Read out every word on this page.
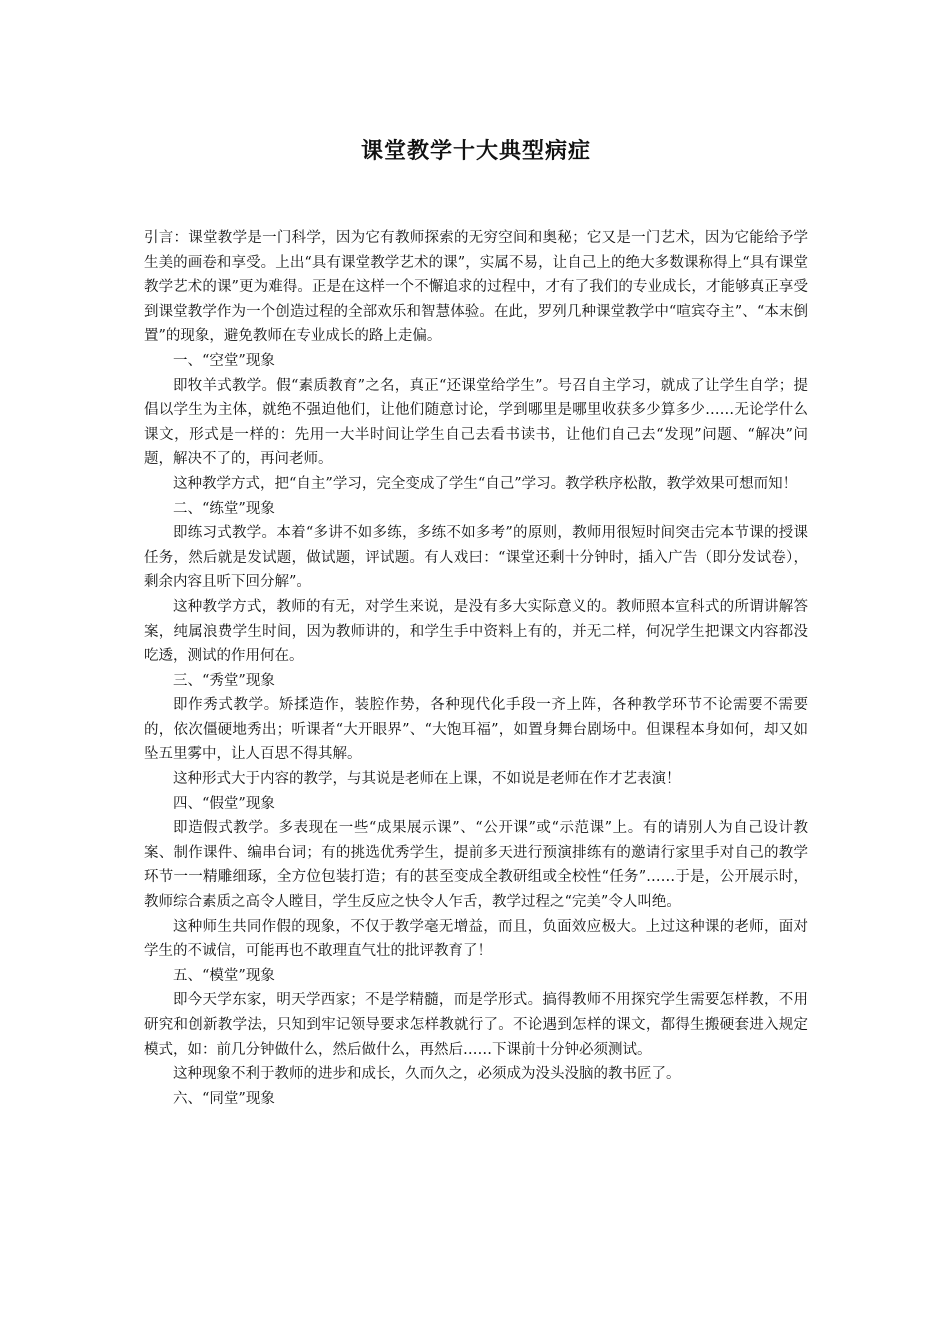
课堂教学十大典型病症

引言：课堂教学是一门科学，因为它有教师探索的无穷空间和奥秘；它又是一门艺术，因为它能给予学生美的画卷和享受。上出“具有课堂教学艺术的课”，实属不易，让自己上的绝大多数课称得上“具有课堂教学艺术的课”更为难得。正是在这样一个不懈追求的过程中，才有了我们的专业成长，才能够真正享受到课堂教学作为一个创造过程的全部欢乐和智慧体验。在此，罗列几种课堂教学中“喧宾夺主”、“本末倒置”的现象，避免教师在专业成长的路上走偏。

一、“空堂”现象

即牧羊式教学。假“素质教育”之名，真正“还课堂给学生”。号召自主学习，就成了让学生自学；提倡以学生为主体，就绝不强迫他们，让他们随意讨论，学到哪里是哪里收获多少算多少……无论学什么课文，形式是一样的：先用一大半时间让学生自己去看书读书，让他们自己去“发现”问题、“解决”问题，解决不了的，再问老师。

这种教学方式，把“自主”学习，完全变成了学生“自己”学习。教学秩序松散，教学效果可想而知！

二、“练堂”现象

即练习式教学。本着“多讲不如多练，多练不如多考”的原则，教师用很短时间突击完本节课的授课任务，然后就是发试题，做试题，评试题。有人戏曰：“课堂还剩十分钟时，插入广告（即分发试卷），剩余内容且听下回分解”。

这种教学方式，教师的有无，对学生来说，是没有多大实际意义的。教师照本宣科式的所谓讲解答案，纯属浪费学生时间，因为教师讲的，和学生手中资料上有的，并无二样，何况学生把课文内容都没吃透，测试的作用何在。

三、“秀堂”现象

即作秀式教学。矫揉造作，装腔作势，各种现代化手段一齐上阵，各种教学环节不论需要不需要的，依次僵硬地秀出；听课者“大开眼界”、“大饱耳福”，如置身舞台剧场中。但课程本身如何，却又如坠五里雾中，让人百思不得其解。

这种形式大于内容的教学，与其说是老师在上课，不如说是老师在作才艺表演！

四、“假堂”现象

即造假式教学。多表现在一些“成果展示课”、“公开课”或“示范课”上。有的请别人为自己设计教案、制作课件、编串台词；有的挑选优秀学生，提前多天进行预演排练有的邀请行家里手对自己的教学环节一一精雕细琢，全方位包装打造；有的甚至变成全教研组或全校性“任务”……于是，公开展示时，教师综合素质之高令人瞠目，学生反应之快令人乍舌，教学过程之“完美”令人叫绝。

这种师生共同作假的现象，不仅于教学毫无增益，而且，负面效应极大。上过这种课的老师，面对学生的不诚信，可能再也不敢理直气壮的批评教育了！

五、“模堂”现象

即今天学东家，明天学西家；不是学精髓，而是学形式。搞得教师不用探究学生需要怎样教，不用研究和创新教学法，只知到牢记领导要求怎样教就行了。不论遇到怎样的课文，都得生搬硬套进入规定模式，如：前几分钟做什么，然后做什么，再然后……下课前十分钟必须测试。

这种现象不利于教师的进步和成长，久而久之，必须成为没头没脑的教书匠了。

六、“同堂”现象
